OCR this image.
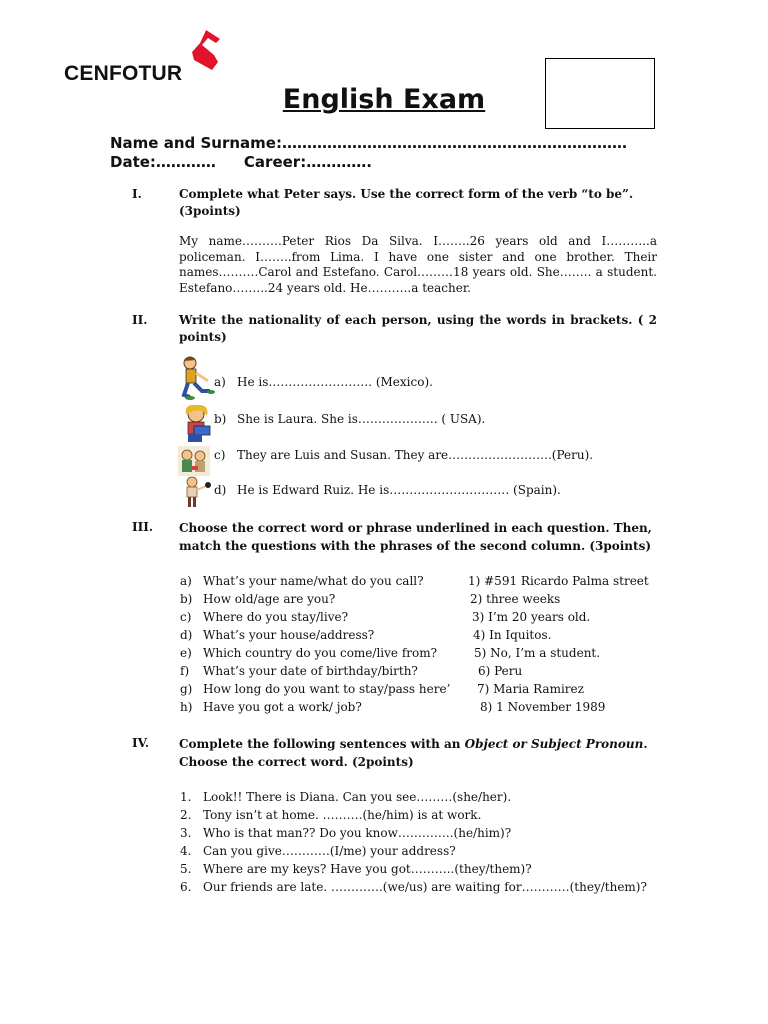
CENFOTUR
English Exam
Name and Surname:……………………………………………………………
Date:………… Career:………….
I.	Complete what Peter says. Use the correct form of the verb “to be”. (3points)
My name……….Peter Rios Da Silva. I……..26 years old and I………..a policeman. I……..from Lima. I have one sister and one brother. Their names……….Carol and Estefano. Carol………18 years old. She…….. a student. Estefano……...24 years old. He………..a teacher.
II.	Write the nationality of each person, using the words in brackets. ( 2 points)
a) He is…………………….. (Mexico).
b) She is Laura. She is……………….. ( USA).
c) They are Luis and Susan. They are……………………..(Peru).
d) He is Edward Ruiz. He is………………………… (Spain).
III. Choose the correct word or phrase underlined in each question. Then, match the questions with the phrases of the second column. (3points)
a) What’s your name/what do you call?	1) #591 Ricardo Palma street
b) How old/age are you?	2) three weeks
c) Where do you stay/live?	3) I’m 20 years old.
d) What’s your house/address?	4) In Iquitos.
e) Which country do you come/live from?	5) No, I’m a student.
f) What’s your date of birthday/birth?	6) Peru
g) How long do you want to stay/pass here’ 7) Maria Ramirez
h) Have you got a work/ job?	8) 1 November 1989
IV. Complete the following sentences with an Object or Subject Pronoun. Choose the correct word. (2points)
1. Look!! There is Diana. Can you see………(she/her).
2. Tony isn’t at home. ……….(he/him) is at work.
3. Who is that man?? Do you know…………..(he/him)?
4. Can you give…………(I/me) your address?
5. Where are my keys? Have you got………..(they/them)?
6. Our friends are late. ………….(we/us) are waiting for…………(they/them)?
